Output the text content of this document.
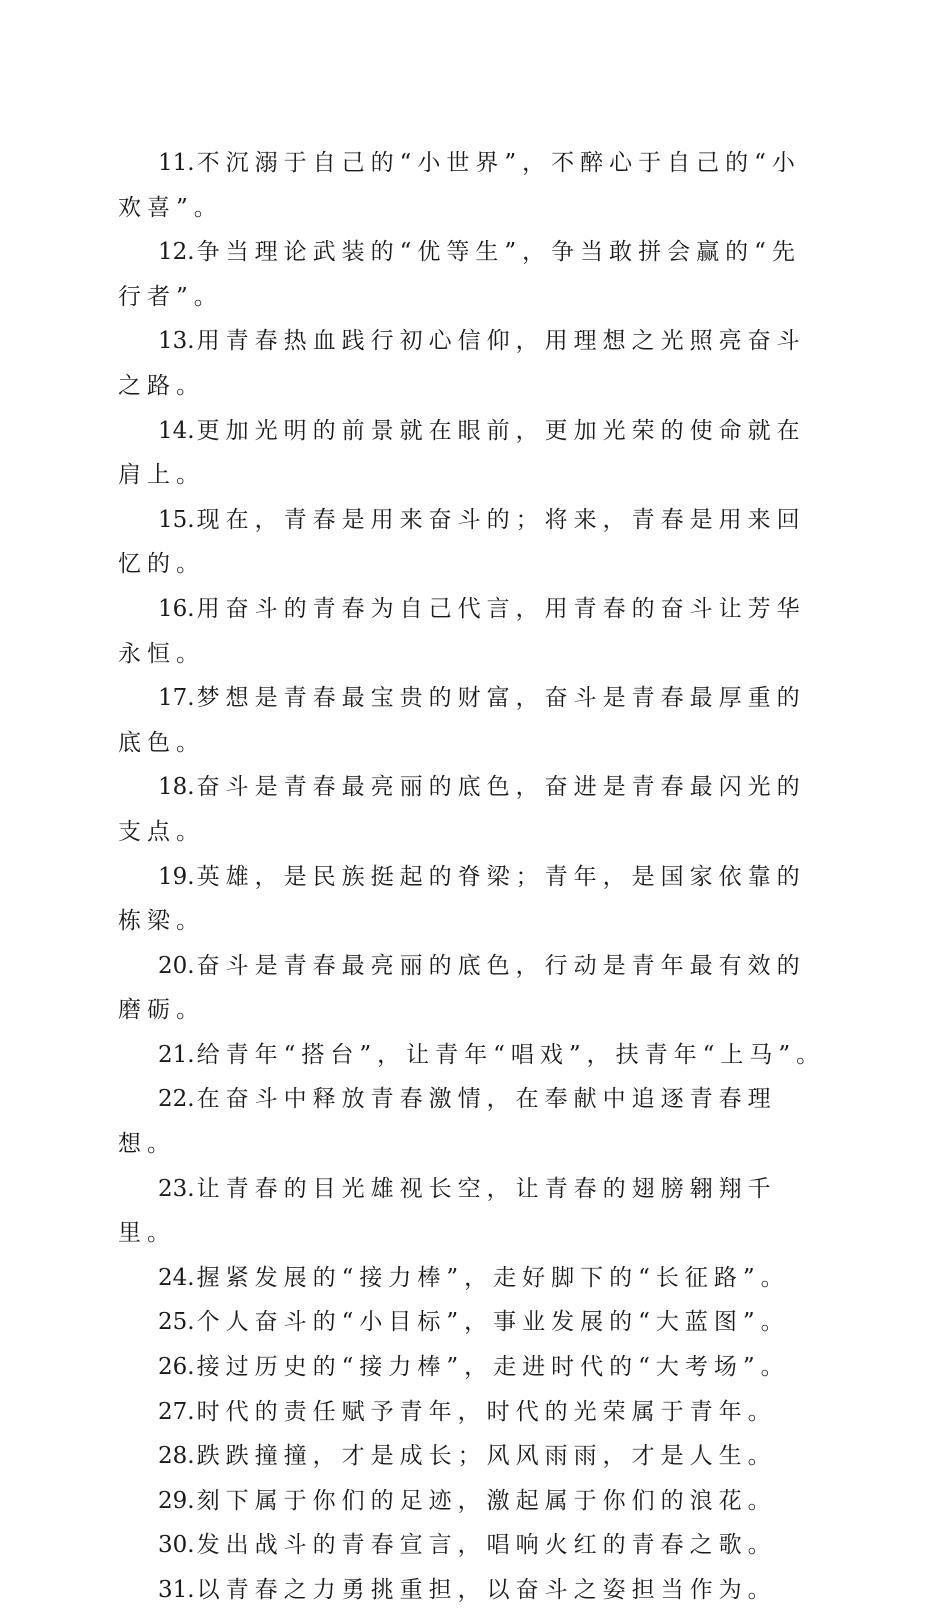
11.不沉溺于自己的“小世界”，不醉心于自己的“小欢喜”。

12.争当理论武装的“优等生”，争当敢拼会赢的“先行者”。

13.用青春热血践行初心信仰，用理想之光照亮奋斗之路。

14.更加光明的前景就在眼前，更加光荣的使命就在肩上。

15.现在，青春是用来奋斗的；将来，青春是用来回忆的。

16.用奋斗的青春为自己代言，用青春的奋斗让芳华永恒。

17.梦想是青春最宝贵的财富，奋斗是青春最厚重的底色。

18.奋斗是青春最亮丽的底色，奋进是青春最闪光的支点。

19.英雄，是民族挺起的脊梁；青年，是国家依靠的栋梁。

20.奋斗是青春最亮丽的底色，行动是青年最有效的磨砺。

21.给青年“搭台”，让青年“唱戏”，扶青年“上马”。

22.在奋斗中释放青春激情，在奉献中追逐青春理想。

23.让青春的目光雄视长空，让青春的翅膀翱翔千里。

24.握紧发展的“接力棒”，走好脚下的“长征路”。

25.个人奋斗的“小目标”，事业发展的“大蓝图”。

26.接过历史的“接力棒”，走进时代的“大考场”。

27.时代的责任赋予青年，时代的光荣属于青年。

28.跌跌撞撞，才是成长；风风雨雨，才是人生。

29.刻下属于你们的足迹，激起属于你们的浪花。

30.发出战斗的青春宣言，唱响火红的青春之歌。

31.以青春之力勇挑重担，以奋斗之姿担当作为。
